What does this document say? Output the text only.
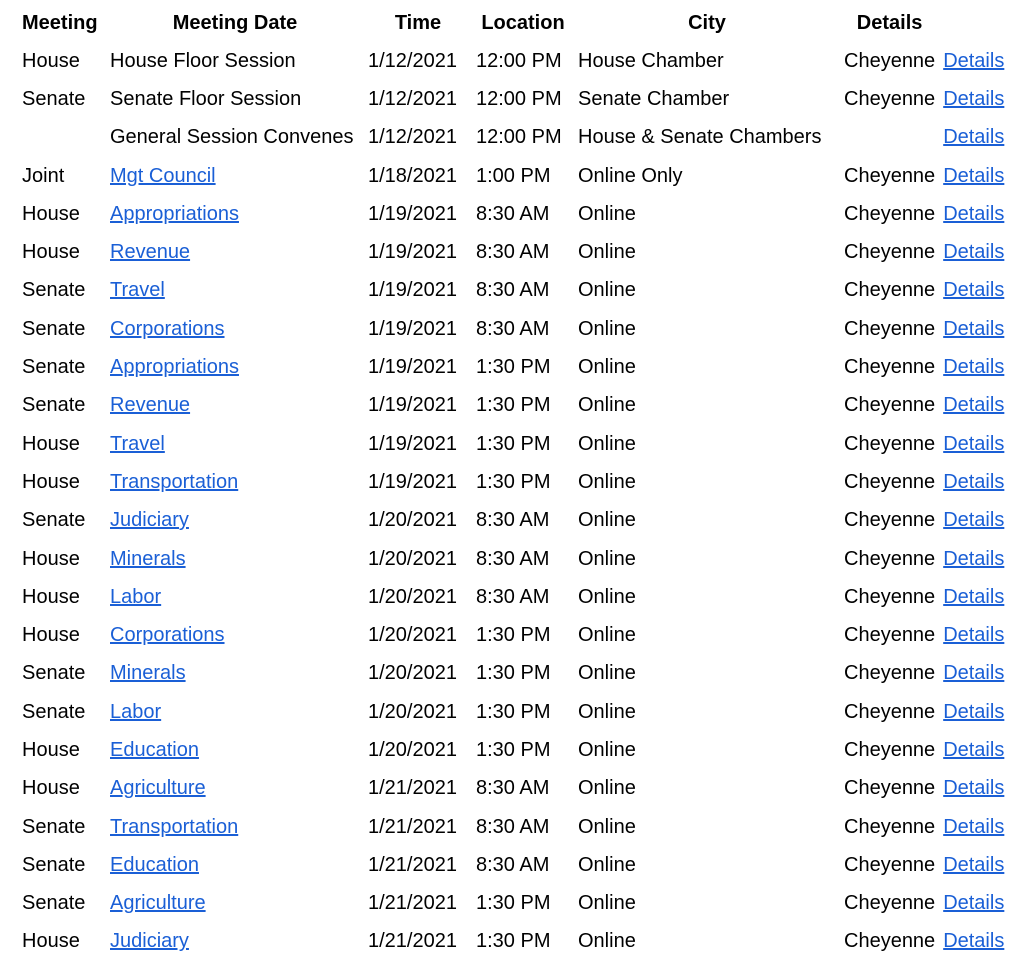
Meeting	Meeting Date	Time	Location	City	Details	
House	House Floor Session	1/12/2021	12:00 PM	House Chamber	Cheyenne	Details
Senate	Senate Floor Session	1/12/2021	12:00 PM	Senate Chamber	Cheyenne	Details
	General Session Convenes	1/12/2021	12:00 PM	House & Senate Chambers		Details
Joint	Mgt Council	1/18/2021	1:00 PM	Online Only	Cheyenne	Details
House	Appropriations	1/19/2021	8:30 AM	Online	Cheyenne	Details
House	Revenue	1/19/2021	8:30 AM	Online	Cheyenne	Details
Senate	Travel	1/19/2021	8:30 AM	Online	Cheyenne	Details
Senate	Corporations	1/19/2021	8:30 AM	Online	Cheyenne	Details
Senate	Appropriations	1/19/2021	1:30 PM	Online	Cheyenne	Details
Senate	Revenue	1/19/2021	1:30 PM	Online	Cheyenne	Details
House	Travel	1/19/2021	1:30 PM	Online	Cheyenne	Details
House	Transportation	1/19/2021	1:30 PM	Online	Cheyenne	Details
Senate	Judiciary	1/20/2021	8:30 AM	Online	Cheyenne	Details
House	Minerals	1/20/2021	8:30 AM	Online	Cheyenne	Details
House	Labor	1/20/2021	8:30 AM	Online	Cheyenne	Details
House	Corporations	1/20/2021	1:30 PM	Online	Cheyenne	Details
Senate	Minerals	1/20/2021	1:30 PM	Online	Cheyenne	Details
Senate	Labor	1/20/2021	1:30 PM	Online	Cheyenne	Details
House	Education	1/20/2021	1:30 PM	Online	Cheyenne	Details
House	Agriculture	1/21/2021	8:30 AM	Online	Cheyenne	Details
Senate	Transportation	1/21/2021	8:30 AM	Online	Cheyenne	Details
Senate	Education	1/21/2021	8:30 AM	Online	Cheyenne	Details
Senate	Agriculture	1/21/2021	1:30 PM	Online	Cheyenne	Details
House	Judiciary	1/21/2021	1:30 PM	Online	Cheyenne	Details
